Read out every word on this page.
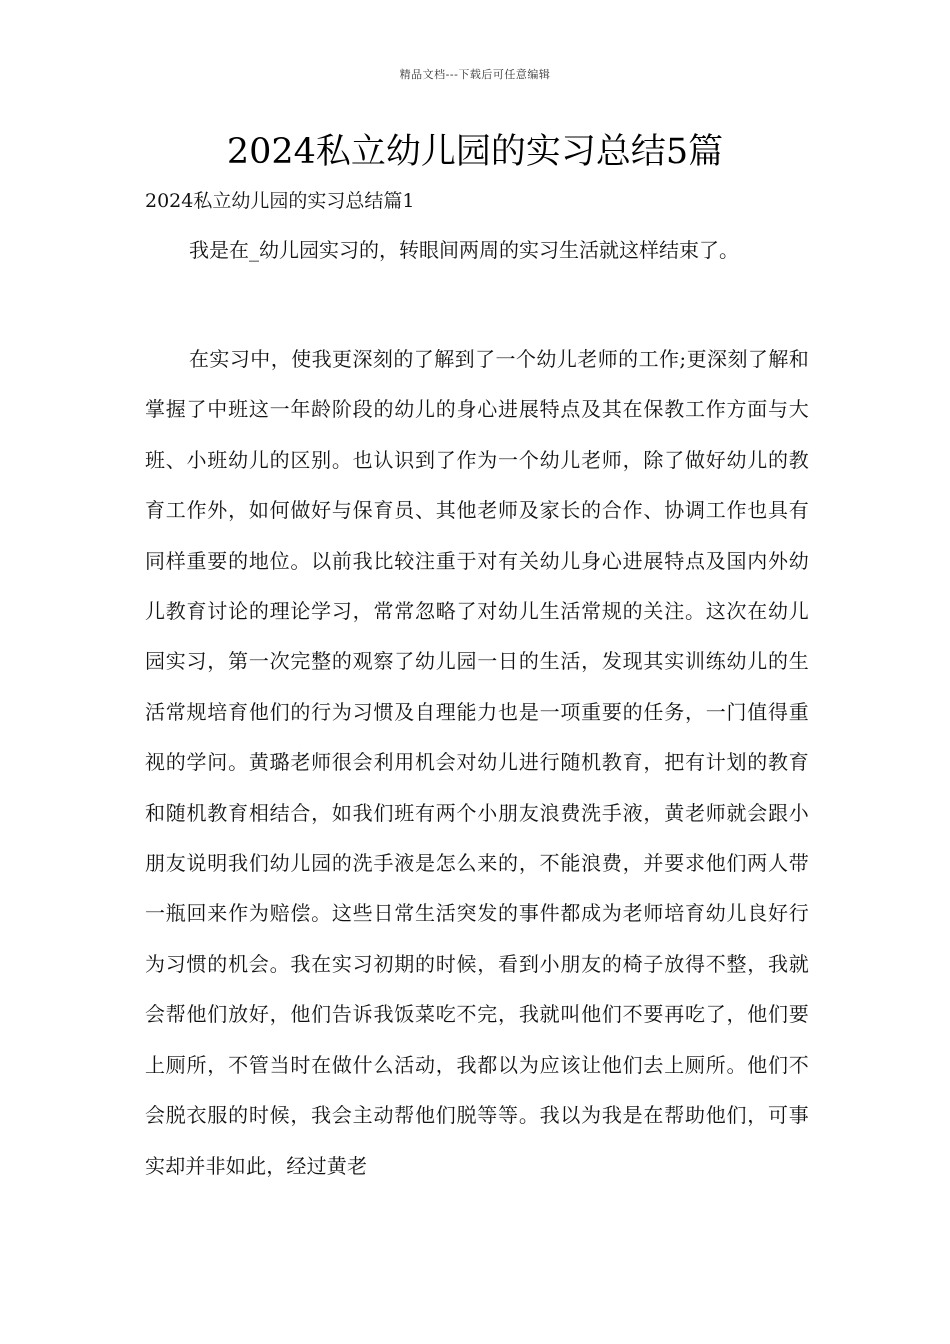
精品文档---下载后可任意编辑
2024私立幼儿园的实习总结5篇
2024私立幼儿园的实习总结篇1

我是在_幼儿园实习的，转眼间两周的实习生活就这样结束了。

在实习中，使我更深刻的了解到了一个幼儿老师的工作;更深刻了解和掌握了中班这一年龄阶段的幼儿的身心进展特点及其在保教工作方面与大班、小班幼儿的区别。也认识到了作为一个幼儿老师，除了做好幼儿的教育工作外，如何做好与保育员、其他老师及家长的合作、协调工作也具有同样重要的地位。以前我比较注重于对有关幼儿身心进展特点及国内外幼儿教育讨论的理论学习，常常忽略了对幼儿生活常规的关注。这次在幼儿园实习，第一次完整的观察了幼儿园一日的生活，发现其实训练幼儿的生活常规培育他们的行为习惯及自理能力也是一项重要的任务，一门值得重视的学问。黄璐老师很会利用机会对幼儿进行随机教育，把有计划的教育和随机教育相结合，如我们班有两个小朋友浪费洗手液，黄老师就会跟小朋友说明我们幼儿园的洗手液是怎么来的，不能浪费，并要求他们两人带一瓶回来作为赔偿。这些日常生活突发的事件都成为老师培育幼儿良好行为习惯的机会。我在实习初期的时候，看到小朋友的椅子放得不整，我就会帮他们放好，他们告诉我饭菜吃不完，我就叫他们不要再吃了，他们要上厕所，不管当时在做什么活动，我都以为应该让他们去上厕所。他们不会脱衣服的时候，我会主动帮他们脱等等。我以为我是在帮助他们，可事实却并非如此，经过黄老
